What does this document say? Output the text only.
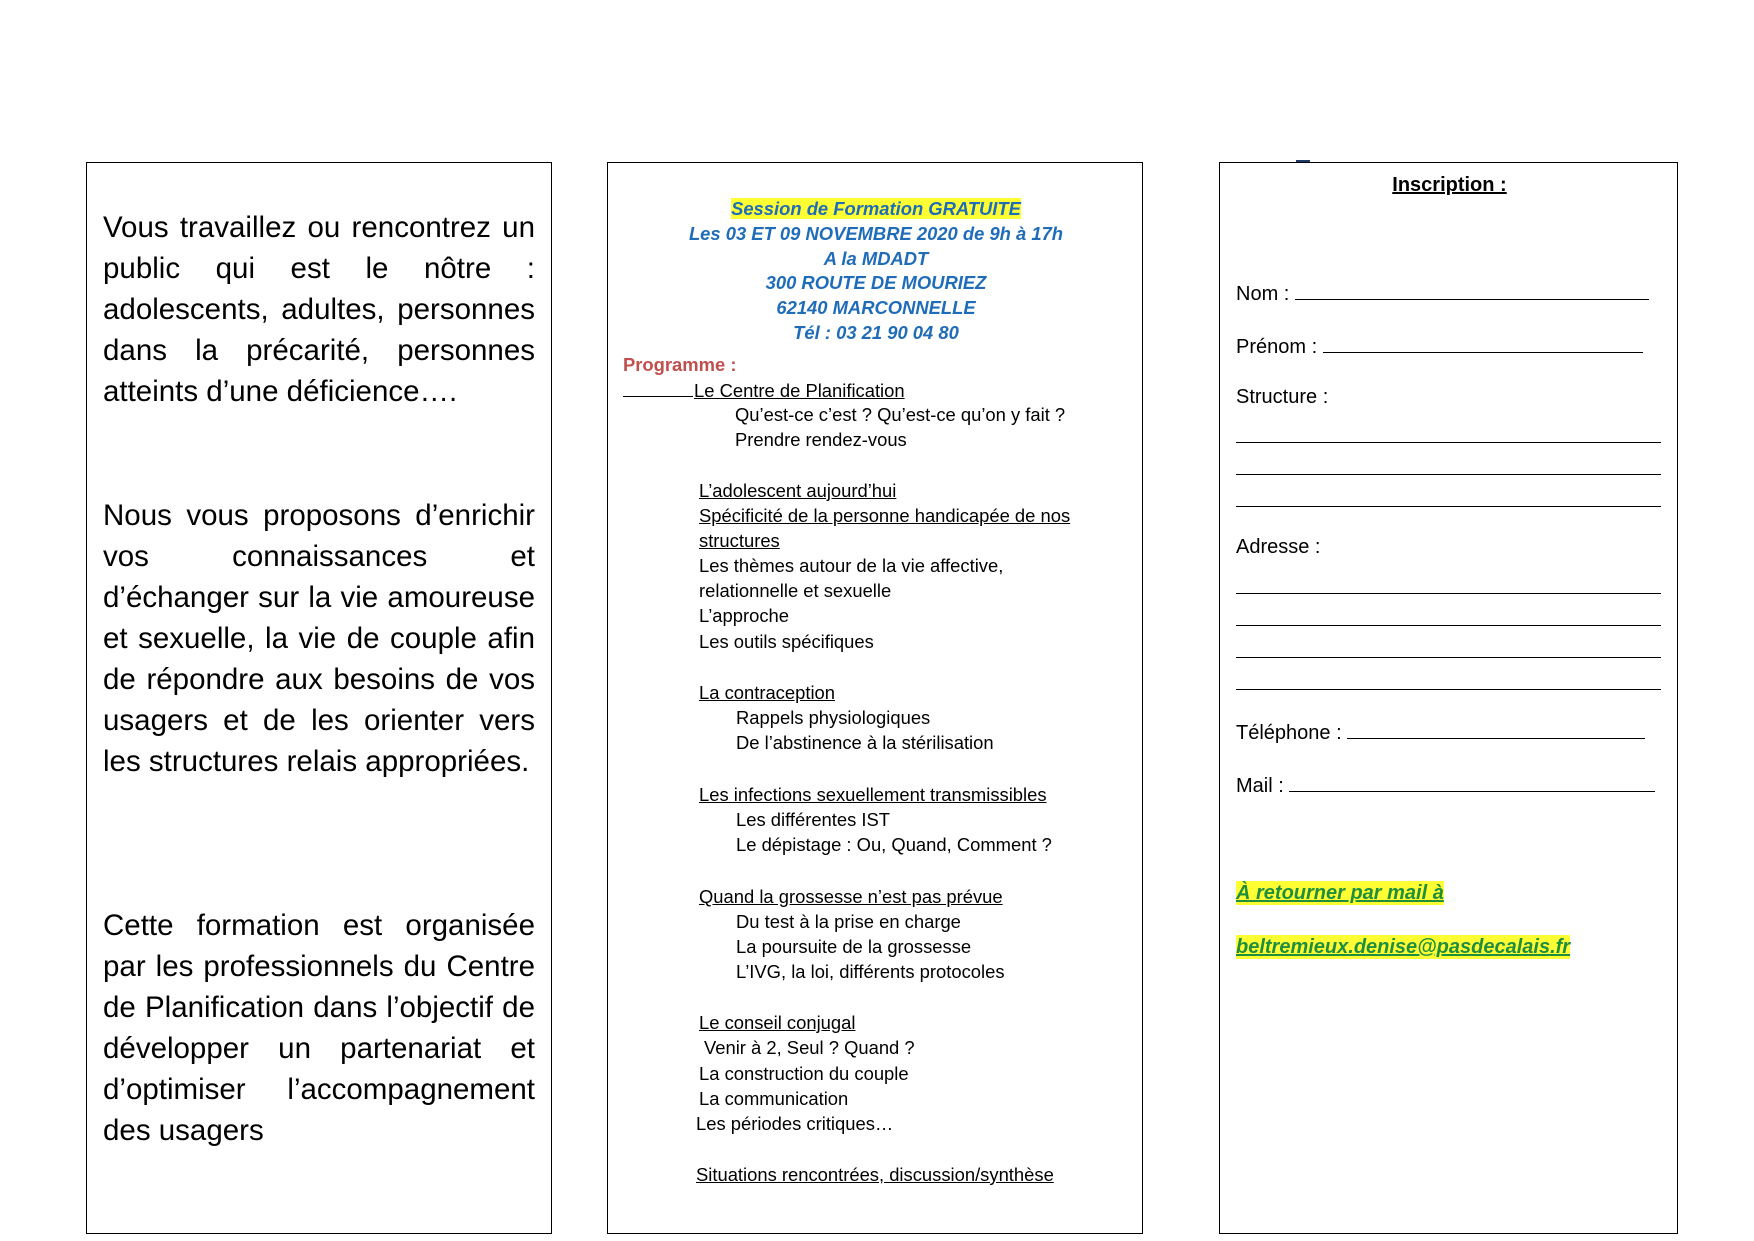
Vous travaillez ou rencontrez un public qui est le nôtre : adolescents, adultes, personnes dans la précarité, personnes atteints d’une déficience….

Nous vous proposons d’enrichir vos connaissances et d’échanger sur la vie amoureuse et sexuelle, la vie de couple afin de répondre aux besoins de vos usagers et de les orienter vers les structures relais appropriées.

Cette formation est organisée par les professionnels du Centre de Planification dans l’objectif de développer un partenariat et d’optimiser l’accompagnement des usagers

Session de Formation GRATUITE
Les 03 ET 09 NOVEMBRE 2020 de 9h à 17h
A la MDADT
300 ROUTE DE MOURIEZ
62140 MARCONNELLE
Tél : 03 21 90 04 80
Programme :
Le Centre de Planification
Qu’est-ce c’est ? Qu’est-ce qu’on y fait ?
Prendre rendez-vous
L’adolescent aujourd’hui
Spécificité de la personne handicapée de nos
structures
Les thèmes autour de la vie affective,
relationnelle et sexuelle
L’approche
Les outils spécifiques
La contraception
Rappels physiologiques
De l’abstinence à la stérilisation
Les infections sexuellement transmissibles
Les différentes IST
Le dépistage : Ou, Quand, Comment ?
Quand la grossesse n’est pas prévue
Du test à la prise en charge
La poursuite de la grossesse
L’IVG, la loi, différents protocoles
Le conseil conjugal
Venir à 2, Seul ? Quand ?
La construction du couple
La communication
Les périodes critiques…
Situations rencontrées, discussion/synthèse
Inscription :
Nom :
Prénom :
Structure :
Adresse :
Téléphone :
Mail :
À retourner par mail à
beltremieux.denise@pasdecalais.fr
